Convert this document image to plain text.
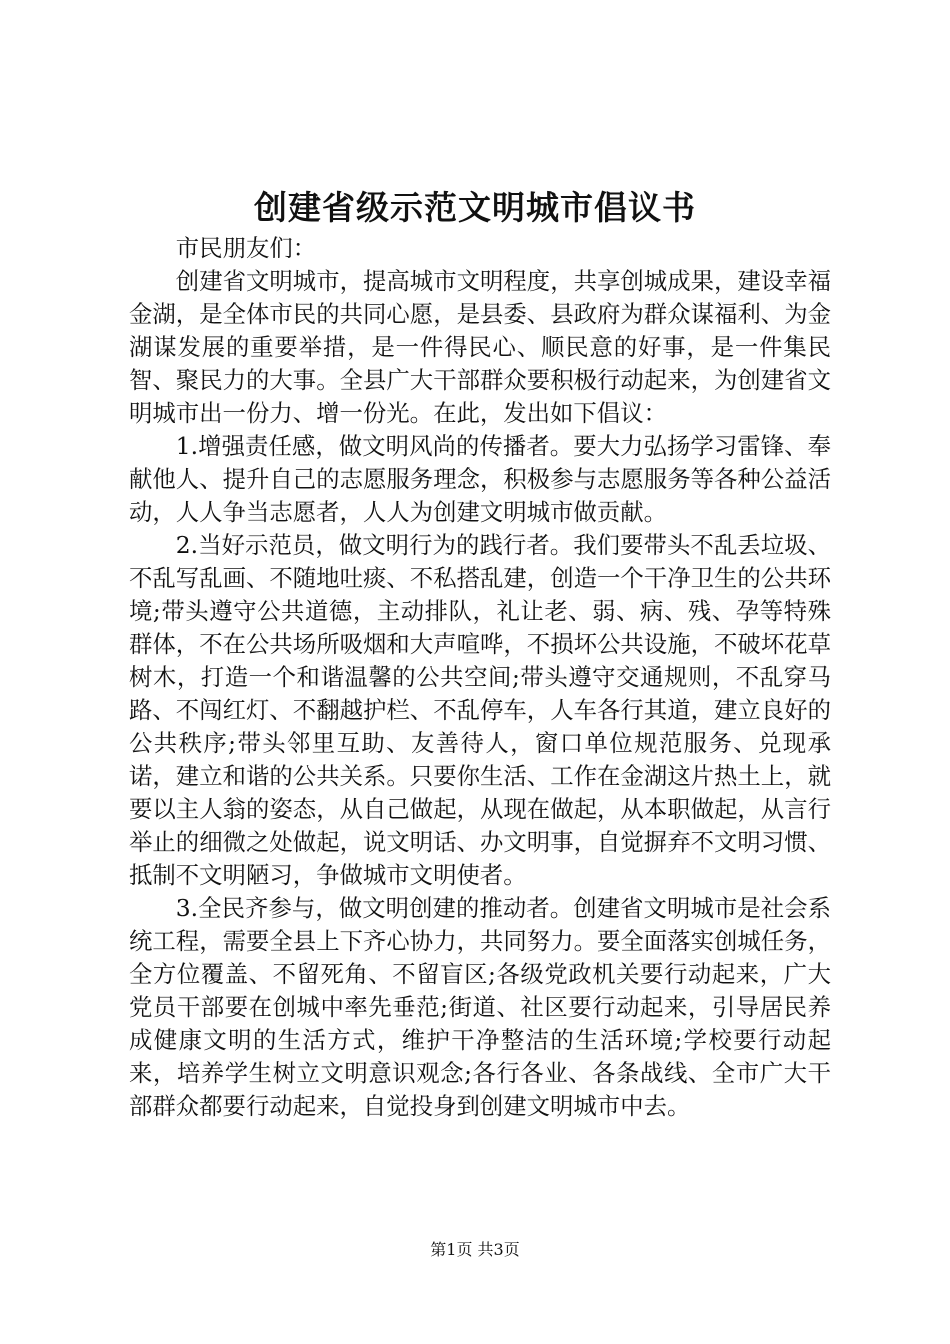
创建省级示范文明城市倡议书

市民朋友们：

创建省文明城市，提高城市文明程度，共享创城成果，建设幸福金湖，是全体市民的共同心愿，是县委、县政府为群众谋福利、为金湖谋发展的重要举措，是一件得民心、顺民意的好事，是一件集民智、聚民力的大事。全县广大干部群众要积极行动起来，为创建省文明城市出一份力、增一份光。在此，发出如下倡议：

1.增强责任感，做文明风尚的传播者。要大力弘扬学习雷锋、奉献他人、提升自己的志愿服务理念，积极参与志愿服务等各种公益活动，人人争当志愿者，人人为创建文明城市做贡献。

2.当好示范员，做文明行为的践行者。我们要带头不乱丢垃圾、不乱写乱画、不随地吐痰、不私搭乱建，创造一个干净卫生的公共环境;带头遵守公共道德，主动排队，礼让老、弱、病、残、孕等特殊群体，不在公共场所吸烟和大声喧哗，不损坏公共设施，不破坏花草树木，打造一个和谐温馨的公共空间;带头遵守交通规则，不乱穿马路、不闯红灯、不翻越护栏、不乱停车，人车各行其道，建立良好的公共秩序;带头邻里互助、友善待人，窗口单位规范服务、兑现承诺，建立和谐的公共关系。只要你生活、工作在金湖这片热土上，就要以主人翁的姿态，从自己做起，从现在做起，从本职做起，从言行举止的细微之处做起，说文明话、办文明事，自觉摒弃不文明习惯、抵制不文明陋习，争做城市文明使者。

3.全民齐参与，做文明创建的推动者。创建省文明城市是社会系统工程，需要全县上下齐心协力，共同努力。要全面落实创城任务，全方位覆盖、不留死角、不留盲区;各级党政机关要行动起来，广大党员干部要在创城中率先垂范;街道、社区要行动起来，引导居民养成健康文明的生活方式，维护干净整洁的生活环境;学校要行动起来，培养学生树立文明意识观念;各行各业、各条战线、全市广大干部群众都要行动起来，自觉投身到创建文明城市中去。

第1页 共3页
